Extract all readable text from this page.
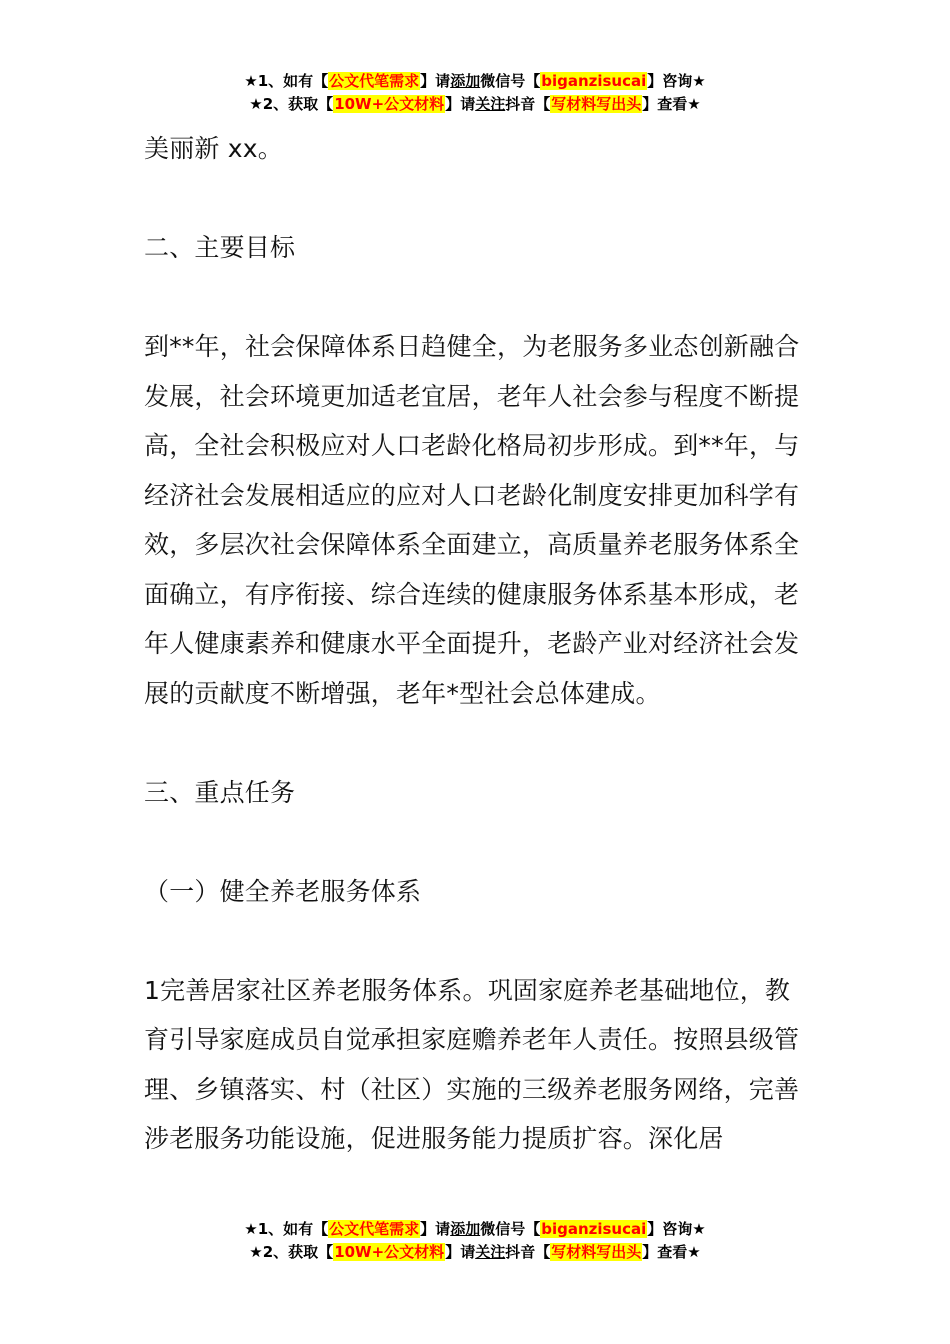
★1、如有【公文代笔需求】请添加微信号【biganzisucai】咨询★
★2、获取【10W+公文材料】请关注抖音【写材料写出头】查看★

美丽新 xx。

二、主要目标

到**年，社会保障体系日趋健全，为老服务多业态创新融合发展，社会环境更加适老宜居，老年人社会参与程度不断提高，全社会积极应对人口老龄化格局初步形成。到**年，与经济社会发展相适应的应对人口老龄化制度安排更加科学有效，多层次社会保障体系全面建立，高质量养老服务体系全面确立，有序衔接、综合连续的健康服务体系基本形成，老年人健康素养和健康水平全面提升，老龄产业对经济社会发展的贡献度不断增强，老年*型社会总体建成。

三、重点任务

（一）健全养老服务体系

1完善居家社区养老服务体系。巩固家庭养老基础地位，教育引导家庭成员自觉承担家庭赡养老年人责任。按照县级管理、乡镇落实、村（社区）实施的三级养老服务网络，完善涉老服务功能设施，促进服务能力提质扩容。深化居

★1、如有【公文代笔需求】请添加微信号【biganzisucai】咨询★
★2、获取【10W+公文材料】请关注抖音【写材料写出头】查看★
